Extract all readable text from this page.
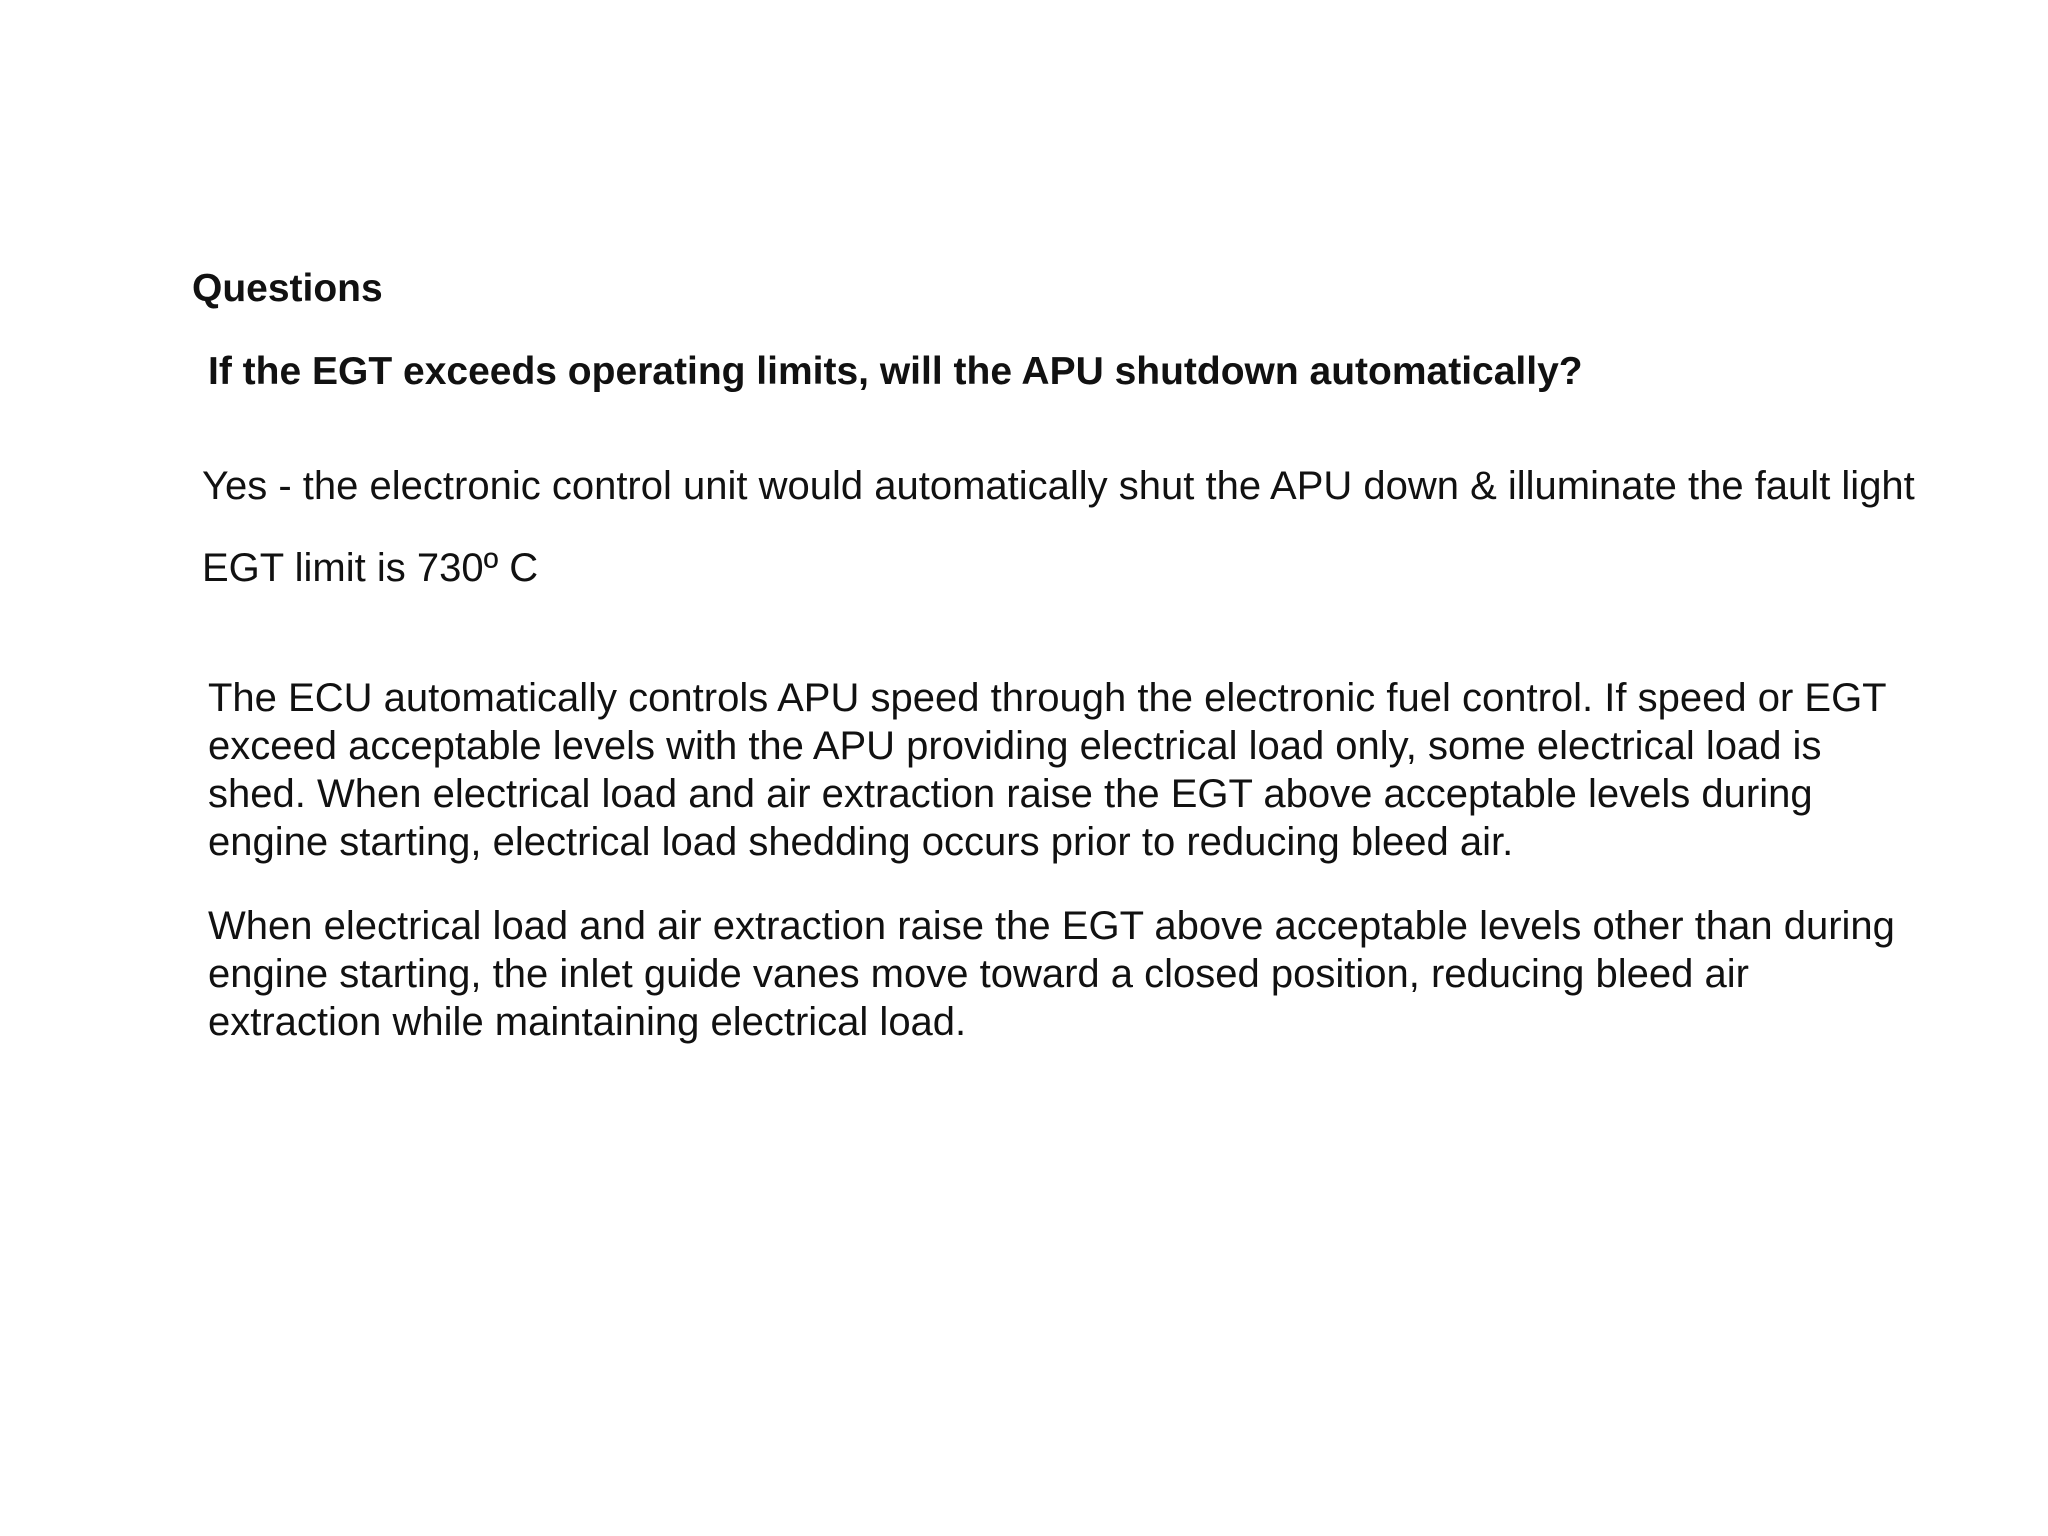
Questions
If the EGT exceeds operating limits, will the APU shutdown automatically?
Yes - the electronic control unit would automatically shut the APU down & illuminate the fault light
EGT limit is 730º C
The ECU automatically controls APU speed through the electronic fuel control. If speed or EGT
exceed acceptable levels with the APU providing electrical load only, some electrical load is
shed. When electrical load and air extraction raise the EGT above acceptable levels during
engine starting, electrical load shedding occurs prior to reducing bleed air.
When electrical load and air extraction raise the EGT above acceptable levels other than during
engine starting, the inlet guide vanes move toward a closed position, reducing bleed air
extraction while maintaining electrical load.
